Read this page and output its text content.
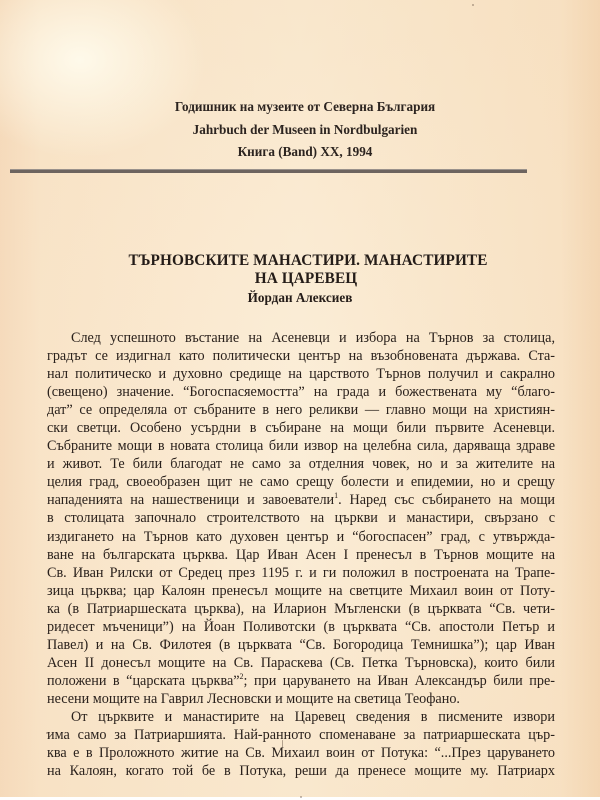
Годишник на музеите от Северна България
Jahrbuch der Museen in Nordbulgarien
Книга (Band) XX, 1994
ТЪРНОВСКИТЕ МАНАСТИРИ. МАНАСТИРИТЕ
НА ЦАРЕВЕЦ
Йордан Алексиев
След успешното въстание на Асеневци и избора на Търнов за столица,
градът се издигнал като политически център на възобновената държава. Ста-
нал политическо и духовно средище на царството Търнов получил и сакрално
(свещено) значение. “Богоспасяемостта” на града и божествената му “благо-
дат” се определяла от събраните в него реликви — главно мощи на християн-
ски светци. Особено усърдни в събиране на мощи били първите Асеневци.
Събраните мощи в новата столица били извор на целебна сила, даряваща здраве
и живот. Те били благодат не само за отделния човек, но и за жителите на
целия град, своеобразен щит не само срещу болести и епидемии, но и срещу
нападенията на нашественици и завоеватели$^1$. Наред със събирането на мощи
в столицата започнало строителството на църкви и манастири, свързано с
издигането на Търнов като духовен център и “богоспасен” град, с утвържда-
ване на българската църква. Цар Иван Асен I пренесъл в Търнов мощите на
Св. Иван Рилски от Средец през 1195 г. и ги положил в построената на Трапе-
зица църква; цар Калоян пренесъл мощите на светците Михаил воин от Поту-
ка (в Патриаршеската църква), на Иларион Мъгленски (в църквата “Св. чети-
ридесет мъченици”) на Йоан Поливотски (в църквата “Св. апостоли Петър и
Павел) и на Св. Филотея (в църквата “Св. Богородица Темнишка”); цар Иван
Асен II донесъл мощите на Св. Параскева (Св. Петка Търновска), които били
положени в “царската църква”$^2$; при царуването на Иван Александър били пре-
несени мощите на Гаврил Лесновски и мощите на светица Теофано.
От църквите и манастирите на Царевец сведения в писмените извори
има само за Патриаршията. Най-ранното споменаване за патриаршеската цър-
ква е в Проложното житие на Св. Михаил воин от Потука: “...През царуването
на Калоян, когато той бе в Потука, реши да пренесе мощите му. Патриарх
